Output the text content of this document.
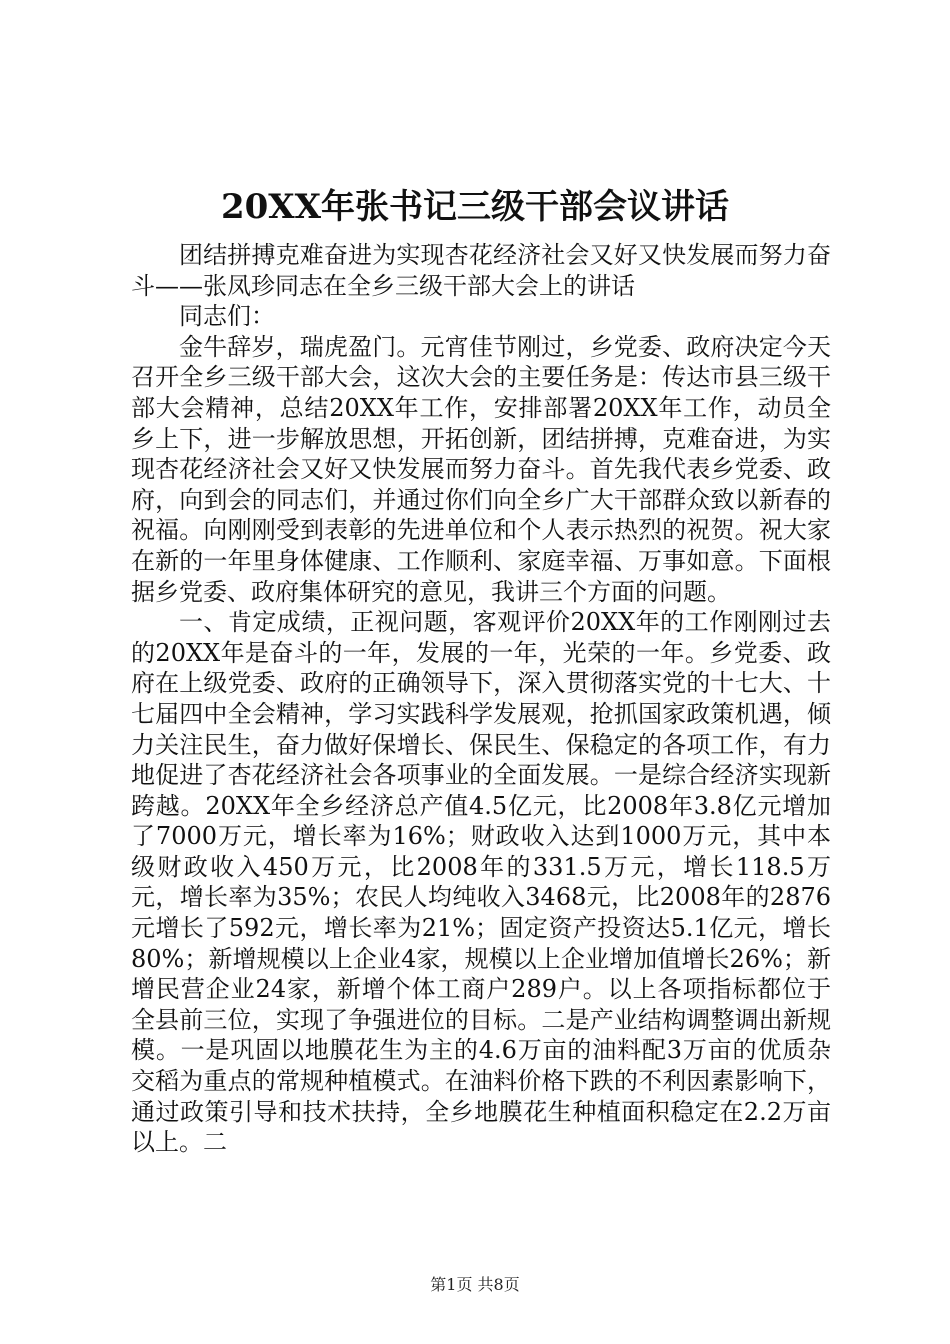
20XX年张书记三级干部会议讲话

团结拼搏克难奋进为实现杏花经济社会又好又快发展而努力奋斗——张凤珍同志在全乡三级干部大会上的讲话

同志们：

金牛辞岁，瑞虎盈门。元宵佳节刚过，乡党委、政府决定今天召开全乡三级干部大会，这次大会的主要任务是：传达市县三级干部大会精神，总结20XX年工作，安排部署20XX年工作，动员全乡上下，进一步解放思想，开拓创新，团结拼搏，克难奋进，为实现杏花经济社会又好又快发展而努力奋斗。首先我代表乡党委、政府，向到会的同志们，并通过你们向全乡广大干部群众致以新春的祝福。向刚刚受到表彰的先进单位和个人表示热烈的祝贺。祝大家在新的一年里身体健康、工作顺利、家庭幸福、万事如意。下面根据乡党委、政府集体研究的意见，我讲三个方面的问题。

一、肯定成绩，正视问题，客观评价20XX年的工作刚刚过去的20XX年是奋斗的一年，发展的一年，光荣的一年。乡党委、政府在上级党委、政府的正确领导下，深入贯彻落实党的十七大、十七届四中全会精神，学习实践科学发展观，抢抓国家政策机遇，倾力关注民生，奋力做好保增长、保民生、保稳定的各项工作，有力地促进了杏花经济社会各项事业的全面发展。一是综合经济实现新跨越。20XX年全乡经济总产值4.5亿元，比2008年3.8亿元增加了7000万元，增长率为16%；财政收入达到1000万元，其中本级财政收入450万元，比2008年的331.5万元，增长118.5万元，增长率为35%；农民人均纯收入3468元，比2008年的2876元增长了592元，增长率为21%；固定资产投资达5.1亿元，增长80%；新增规模以上企业4家，规模以上企业增加值增长26%；新增民营企业24家，新增个体工商户289户。以上各项指标都位于全县前三位，实现了争强进位的目标。二是产业结构调整调出新规模。一是巩固以地膜花生为主的4.6万亩的油料配3万亩的优质杂交稻为重点的常规种植模式。在油料价格下跌的不利因素影响下，通过政策引导和技术扶持，全乡地膜花生种植面积稳定在2.2万亩以上。二

第1页 共8页
